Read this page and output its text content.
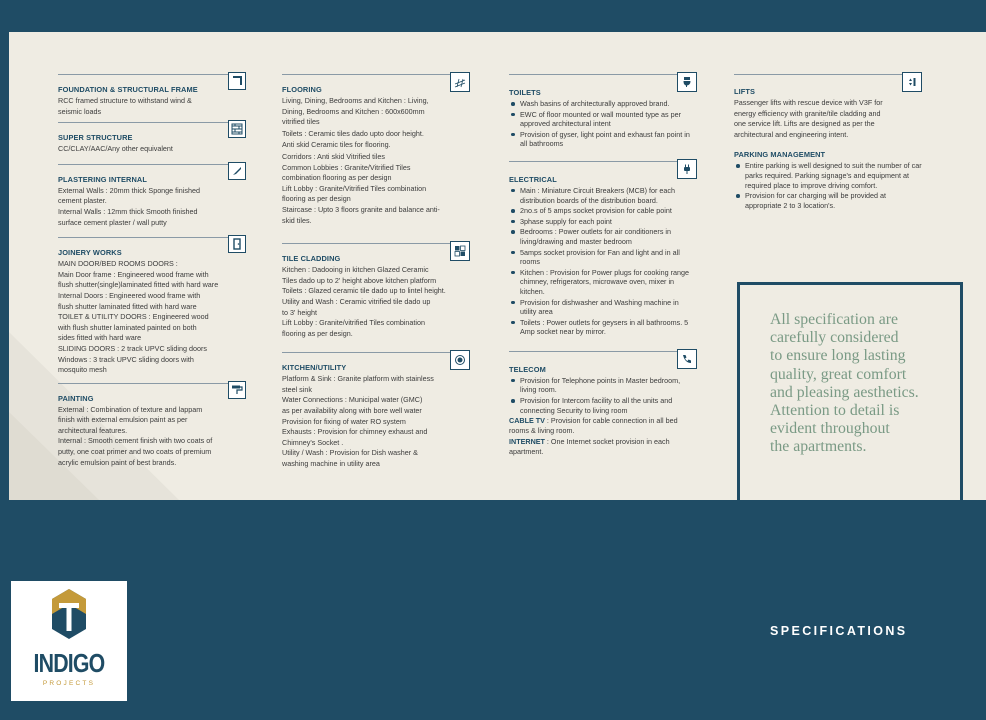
FOUNDATION & STRUCTURAL FRAME
RCC framed structure to withstand wind &
seismic loads
SUPER STRUCTURE
CC/CLAY/AAC/Any other equivalent
PLASTERING INTERNAL
External Walls : 20mm thick Sponge finished
cement plaster.
Internal Walls : 12mm thick Smooth finished
surface cement plaster / wall putty
JOINERY WORKS
MAIN DOOR/BED ROOMS DOORS :
Main Door frame : Engineered wood frame with
flush shutter(single)laminated fitted with hard ware
Internal Doors : Engineered wood frame with
flush shutter laminated fitted with hard ware
TOILET & UTILITY DOORS : Engineered wood
with flush shutter laminated painted on both
sides fitted with hard ware
SLIDING DOORS : 2 track UPVC sliding doors
Windows : 3 track UPVC sliding doors with
mosquito mesh
PAINTING
External : Combination of texture and lappam
finish with external emulsion paint as per
architectural features.
Internal : Smooth cement finish with two coats of
putty, one coat primer and two coats of premium
acrylic emulsion paint of best brands.
FLOORING
Living, Dining, Bedrooms and Kitchen : Living,
Dining, Bedrooms and Kitchen : 600x600mm
vitrified tiles
Toilets : Ceramic tiles dado upto door height.
Anti skid Ceramic tiles for flooring.
Corridors : Anti skid Vitrified tiles
Common Lobbies : Granite/Vitrified Tiles
combination flooring as per design
Lift Lobby : Granite/Vitrified Tiles combination
flooring as per design
Staircase : Upto 3 floors granite and balance anti-
skid tiles.
TILE CLADDING
Kitchen : Dadooing in kitchen Glazed Ceramic
Tiles dado up to 2' height above kitchen platform
Toilets : Glazed ceramic tile dado up to lintel height.
Utility and Wash : Ceramic vitrified tile dado up
to 3' height
Lift Lobby : Granite/vitrified Tiles combination
flooring as per design.
KITCHEN/UTILITY
Platform & Sink : Granite platform with stainless
steel sink
Water Connections : Municipal water (GMC)
as per availability along with bore well water
Provision for fixing of water RO system
Exhausts : Provision for chimney exhaust and
Chimney's Socket .
Utility / Wash : Provision for Dish washer &
washing machine in utility area
TOILETS
Wash basins of architecturally approved brand.
EWC of floor mounted or wall mounted type as per approved architectural intent
Provision of gyser, light point and exhaust fan point in all bathrooms
ELECTRICAL
Main : Miniature Circuit Breakers (MCB) for each distribution boards of the distribution board.
2no.s of 5 amps socket provision for cable point
3phase supply for each point
Bedrooms : Power outlets for air conditioners in living/drawing and master bedroom
5amps socket provision for Fan and light and in all rooms
Kitchen : Provision for Power plugs for cooking range chimney, refrigerators, microwave oven, mixer in kitchen.
Provision for dishwasher and Washing machine in utility area
Toilets : Power outlets for geysers in all bathrooms. 5 Amp socket near by mirror.
TELECOM
Provision for Telephone points in Master bedroom, living room.
Provision for Intercom facility to all the units and connecting Security to living room
CABLE TV : Provision for cable connection in all bed rooms & living room.
INTERNET : One Internet socket provision in each apartment.
LIFTS
Passenger lifts with rescue device with V3F for
energy efficiency with granite/tile cladding and
one service lift. Lifts are designed as per the
architectural and engineering intent.
PARKING MANAGEMENT
Entire parking is well designed to suit the number of car parks required. Parking signage's and equipment at required place to improve driving comfort.
Provision for car charging will be provided at appropriate 2 to 3 location's.
All specification are
carefully considered
to ensure long lasting
quality, great comfort
and pleasing aesthetics.
Attention to detail is
evident throughout
the apartments.
INDIGO
PROJECTS
SPECIFICATIONS
